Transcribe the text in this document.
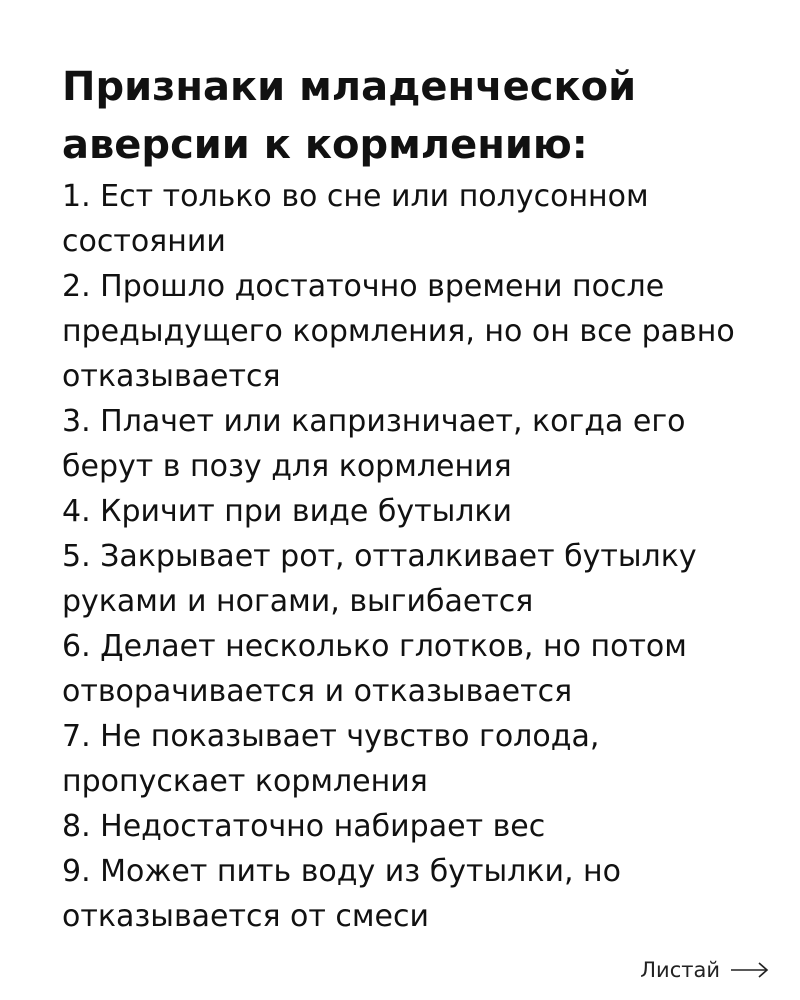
Признаки младенческой аверсии к кормлению:
1. Ест только во сне или полусонном состоянии
2. Прошло достаточно времени после предыдущего кормления, но он все равно отказывается
3. Плачет или капризничает, когда его берут в позу для кормления
4. Кричит при виде бутылки
5. Закрывает рот, отталкивает бутылку руками и ногами, выгибается
6. Делает несколько глотков, но потом отворачивается и отказывается
7. Не показывает чувство голода, пропускает кормления
8. Недостаточно набирает вес
9. Может пить воду из бутылки, но отказывается от смеси
Листай
